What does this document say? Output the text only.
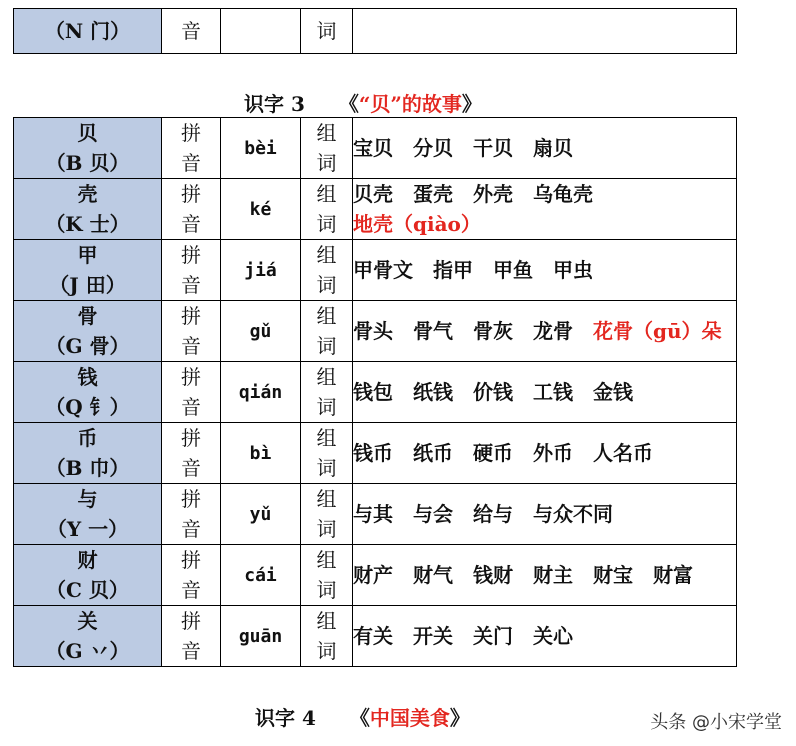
（N 门）	音		词	
识字 3 《“贝”的故事》
贝
（B 贝）	拼音	bèi	组词	宝贝　分贝　干贝　扇贝

壳
（K 士）	拼音	ké	组词	贝壳　蛋壳　外壳　乌龟壳　地壳（qiào）

甲
（J 田）	拼音	jiá	组词	甲骨文　指甲　甲鱼　甲虫

骨
（G 骨）	拼音	gǔ	组词	骨头　骨气　骨灰　龙骨　花骨（gū）朵

钱
（Q 钅）	拼音	qián	组词	钱包　纸钱　价钱　工钱　金钱

币
（B 巾）	拼音	bì	组词	钱币　纸币　硬币　外币　人名币

与
（Y 一）	拼音	yǔ	组词	与其　与会　给与　与众不同

财
（C 贝）	拼音	cái	组词	财产　财气　钱财　财主　财宝　财富

关
（G 丷）	拼音	guān	组词	有关　开关　关门　关心
识字 4 《中国美食》	头条 @小宋学堂
